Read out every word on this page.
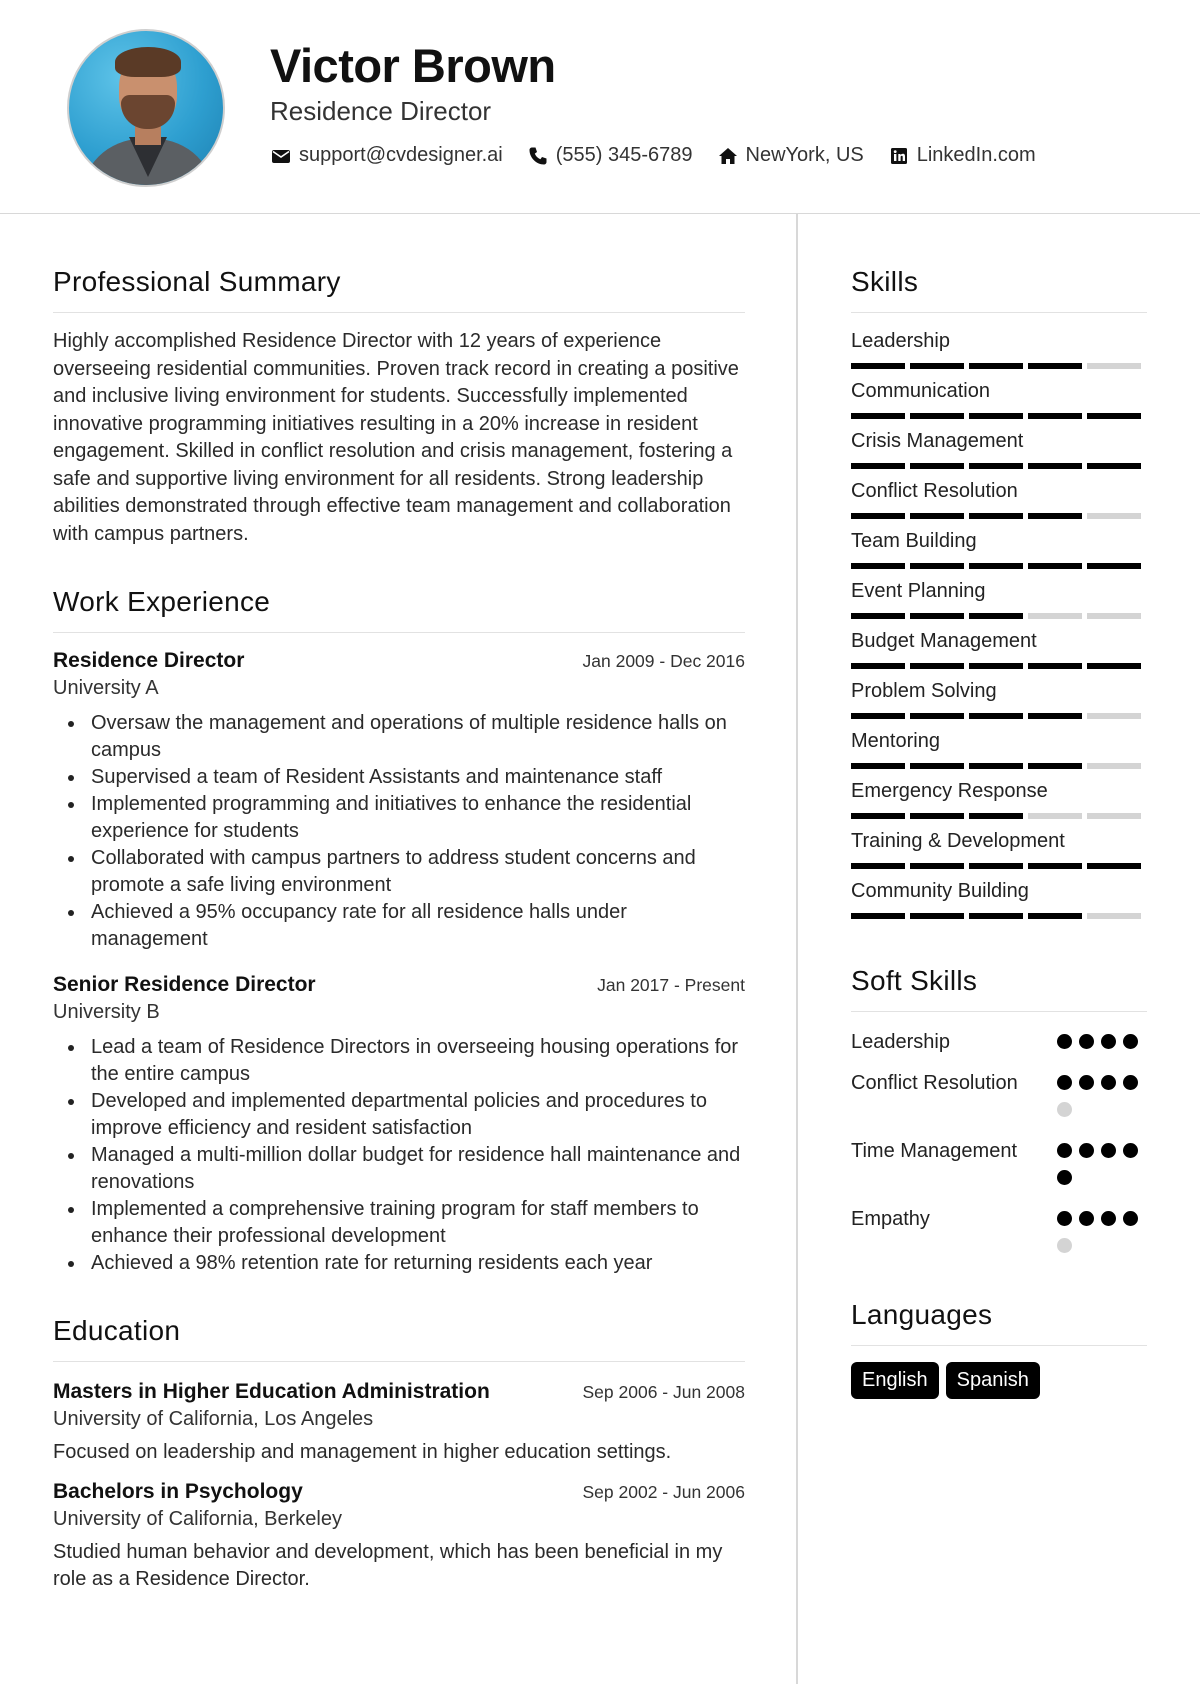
Victor Brown
Residence Director
support@cvdesigner.ai	(555) 345-6789	NewYork, US	LinkedIn.com
Professional Summary

Highly accomplished Residence Director with 12 years of experience overseeing residential communities. Proven track record in creating a positive and inclusive living environment for students. Successfully implemented innovative programming initiatives resulting in a 20% increase in resident engagement. Skilled in conflict resolution and crisis management, fostering a safe and supportive living environment for all residents. Strong leadership abilities demonstrated through effective team management and collaboration with campus partners.

Work Experience
Residence Director	Jan 2009 - Dec 2016
University A
Oversaw the management and operations of multiple residence halls on campus
Supervised a team of Resident Assistants and maintenance staff
Implemented programming and initiatives to enhance the residential experience for students
Collaborated with campus partners to address student concerns and promote a safe living environment
Achieved a 95% occupancy rate for all residence halls under management
Senior Residence Director	Jan 2017 - Present
University B
Lead a team of Residence Directors in overseeing housing operations for the entire campus
Developed and implemented departmental policies and procedures to improve efficiency and resident satisfaction
Managed a multi-million dollar budget for residence hall maintenance and renovations
Implemented a comprehensive training program for staff members to enhance their professional development
Achieved a 98% retention rate for returning residents each year
Education
Masters in Higher Education Administration	Sep 2006 - Jun 2008
University of California, Los Angeles

Focused on leadership and management in higher education settings.

Bachelors in Psychology	Sep 2002 - Jun 2006
University of California, Berkeley

Studied human behavior and development, which has been beneficial in my role as a Residence Director.

Skills
Leadership
Communication
Crisis Management
Conflict Resolution
Team Building
Event Planning
Budget Management
Problem Solving
Mentoring
Emergency Response
Training & Development
Community Building
Soft Skills
Leadership
Conflict Resolution
Time Management
Empathy
Languages
English	Spanish
